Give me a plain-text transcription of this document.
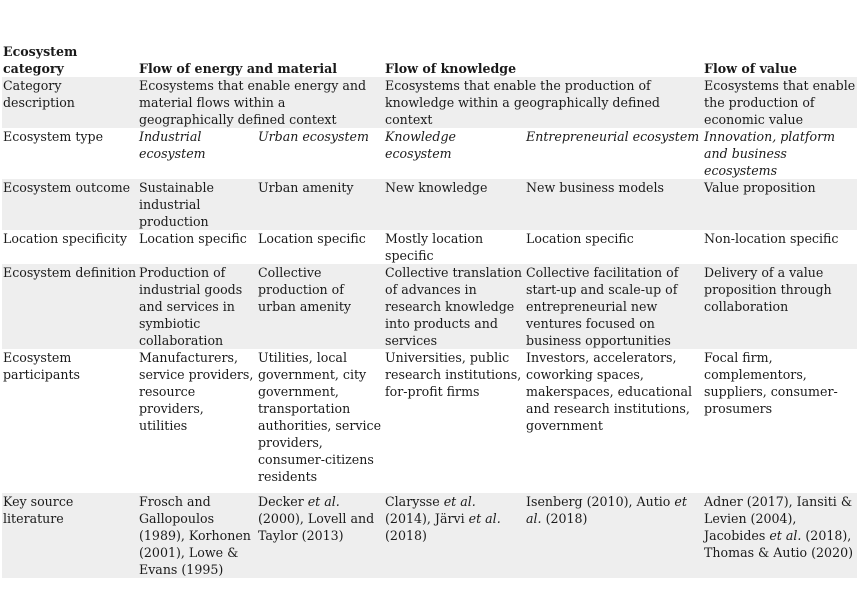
Ecosystem category	Flow of energy and material		Flow of knowledge		Flow of value
Category description	Ecosystems that enable energy and material flows within a geographically defined context		Ecosystems that enable the production of knowledge within a geographically defined context		Ecosystems that enable the production of economic value
Ecosystem type	Industrial ecosystem	Urban ecosystem	Knowledge ecosystem	Entrepreneurial ecosystem	Innovation, platform and business ecosystems
Ecosystem outcome	Sustainable industrial production	Urban amenity	New knowledge	New business models	Value proposition
Location specificity	Location specific	Location specific	Mostly location specific	Location specific	Non-location specific
Ecosystem definition	Production of industrial goods and services in symbiotic collaboration	Collective production of urban amenity	Collective translation of advances in research knowledge into products and services	Collective facilitation of start-up and scale-up of entrepreneurial new ventures focused on business opportunities	Delivery of a value proposition through collaboration
Ecosystem participants	Manufacturers, service providers, resource providers, utilities	Utilities, local government, city government, transportation authorities, service providers, consumer-citizens residents	Universities, public research institutions, for-profit firms	Investors, accelerators, coworking spaces, makerspaces, educational and research institutions, government	Focal firm, complementors, suppliers, consumer-prosumers

Key source literature	Frosch and Gallopoulos (1989), Korhonen (2001), Lowe & Evans (1995)	Decker et al. (2000), Lovell and Taylor (2013)	Clarysse et al. (2014), Järvi et al. (2018)	Isenberg (2010), Autio et al. (2018)	Adner (2017), Iansiti & Levien (2004), Jacobides et al. (2018), Thomas & Autio (2020)
